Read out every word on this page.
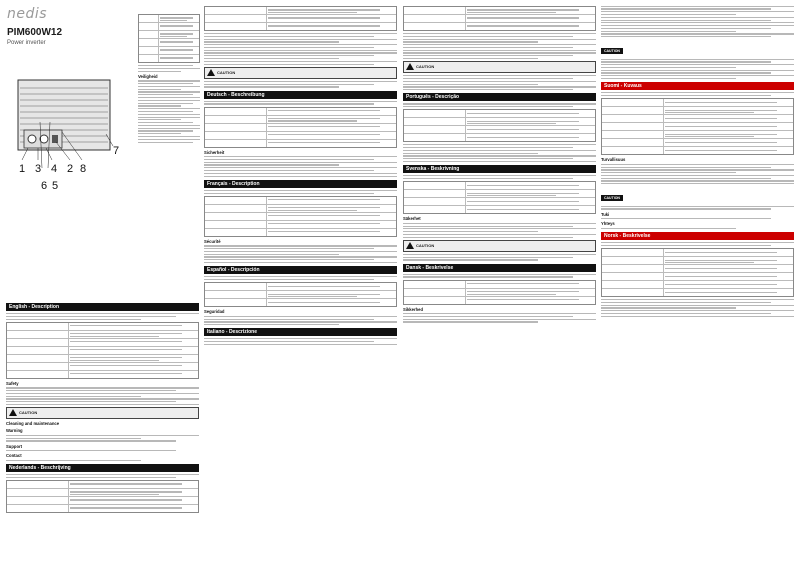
nedis
PIM600W12
Power inverter
1 3 4 2 8
7
6 5
Veiligheid
English - Description
Safety
CAUTION
Cleaning and maintenance
Warning
Support
Contact
Nederlands - Beschrijving
CAUTION
Deutsch - Beschreibung
Sicherheit
Français - Description
Sécurité
Español - Descripción
Seguridad
Italiano - Descrizione
CAUTION
Português - Descrição
Svenska - Beskrivning
Säkerhet
CAUTION
Dansk - Beskrivelse
Sikkerhed
CAUTION
Suomi - Kuvaus
Turvallisuus
CAUTION
Tuki
Yhteys
Norsk - Beskrivelse
